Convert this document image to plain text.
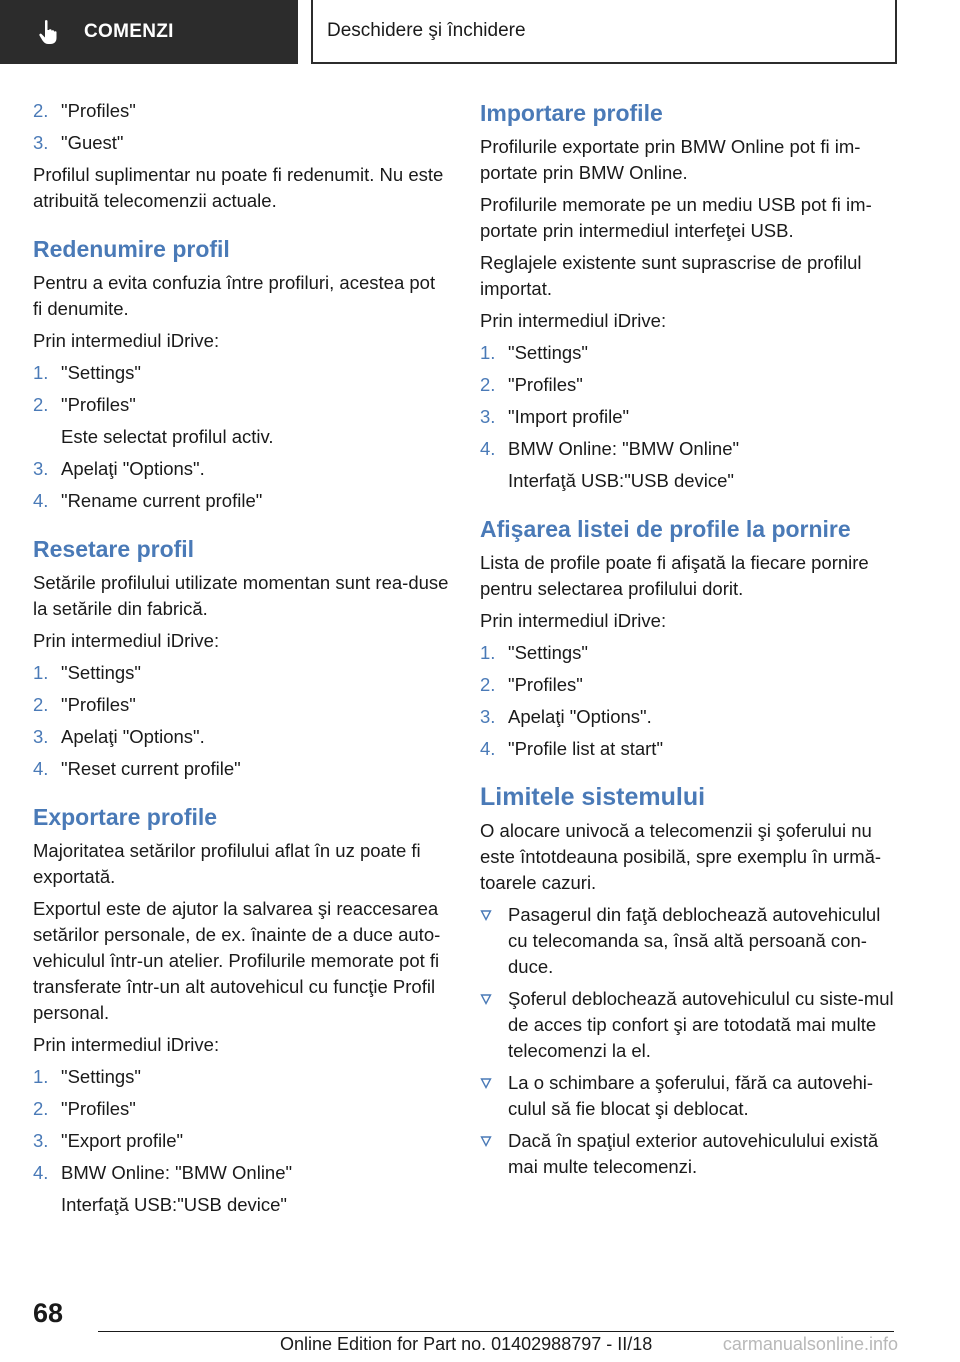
COMENZI	Deschidere şi închidere
2. "Profiles"
3. "Guest"

Profilul suplimentar nu poate fi redenumit. Nu este atribuită telecomenzii actuale.

Redenumire profil

Pentru a evita confuzia între profiluri, acestea pot fi denumite.

Prin intermediul iDrive:

1. "Settings"
2. "Profiles"
Este selectat profilul activ.
3. Apelaţi "Options".
4. "Rename current profile"
Resetare profil

Setările profilului utilizate momentan sunt rea-duse la setările din fabrică.

Prin intermediul iDrive:

1. "Settings"
2. "Profiles"
3. Apelaţi "Options".
4. "Reset current profile"
Exportare profile

Majoritatea setărilor profilului aflat în uz poate fi exportată.

Exportul este de ajutor la salvarea şi reaccesarea setărilor personale, de ex. înainte de a duce auto-vehiculul într-un atelier. Profilurile memorate pot fi transferate într-un alt autovehicul cu funcţie Profil personal.

Prin intermediul iDrive:

1. "Settings"
2. "Profiles"
3. "Export profile"
4. BMW Online: "BMW Online"
Interfaţă USB:"USB device"
Importare profile

Profilurile exportate prin BMW Online pot fi im-portate prin BMW Online.

Profilurile memorate pe un mediu USB pot fi im-portate prin intermediul interfeţei USB.

Reglajele existente sunt suprascrise de profilul importat.

Prin intermediul iDrive:

1. "Settings"
2. "Profiles"
3. "Import profile"
4. BMW Online: "BMW Online"
Interfaţă USB:"USB device"
Afişarea listei de profile la pornire

Lista de profile poate fi afişată la fiecare pornire pentru selectarea profilului dorit.

Prin intermediul iDrive:

1. "Settings"
2. "Profiles"
3. Apelaţi "Options".
4. "Profile list at start"
Limitele sistemului

O alocare univocă a telecomenzii şi şoferului nu este întotdeauna posibilă, spre exemplu în urmă-toarele cazuri.

Pasagerul din faţă deblochează autovehiculul cu telecomanda sa, însă altă persoană con-duce.
Şoferul deblochează autovehiculul cu siste-mul de acces tip confort şi are totodată mai multe telecomenzi la el.
La o schimbare a şoferului, fără ca autovehi-culul să fie blocat şi deblocat.
Dacă în spaţiul exterior autovehiculului există mai multe telecomenzi.
68
Online Edition for Part no. 01402988797 - II/18	carmanualsonline.info
